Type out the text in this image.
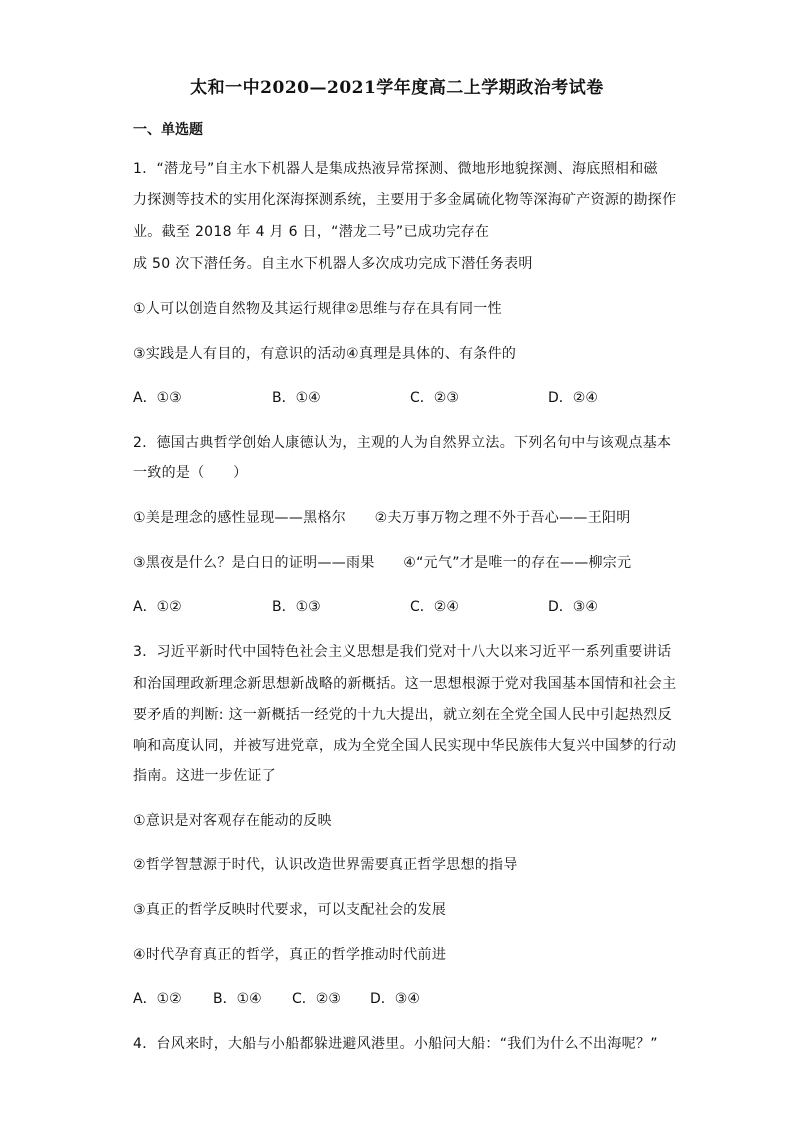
太和一中2020—2021学年度高二上学期政治考试卷
一、单选题
1．“潜龙号”自主水下机器人是集成热液异常探测、微地形地貌探测、海底照相和磁
力探测等技术的实用化深海探测系统，主要用于多金属硫化物等深海矿产资源的勘探作
业。截至 2018 年 4 月 6 日，“潜龙二号”已成功完存在
成 50 次下潜任务。自主水下机器人多次成功完成下潜任务表明
①人可以创造自然物及其运行规律②思维与存在具有同一性
③实践是人有目的，有意识的活动④真理是具体的、有条件的
A．①③	B．①④	C．②③	D．②④
2．德国古典哲学创始人康德认为，主观的人为自然界立法。下列名句中与该观点基本
一致的是（　　）
①美是理念的感性显现——黑格尔　　②夫万事万物之理不外于吾心——王阳明
③黑夜是什么？是白日的证明——雨果　　④“元气”才是唯一的存在——柳宗元
A．①②	B．①③	C．②④	D．③④
3．习近平新时代中国特色社会主义思想是我们党对十八大以来习近平一系列重要讲话
和治国理政新理念新思想新战略的新概括。这一思想根源于党对我国基本国情和社会主
要矛盾的判断: 这一新概括一经党的十九大提出，就立刻在全党全国人民中引起热烈反
响和高度认同，并被写进党章，成为全党全国人民实现中华民族伟大复兴中国梦的行动
指南。这进一步佐证了
①意识是对客观存在能动的反映
②哲学智慧源于时代，认识改造世界需要真正哲学思想的指导
③真正的哲学反映时代要求，可以支配社会的发展
④时代孕育真正的哲学，真正的哲学推动时代前进
A．①② B．①④ C．②③ D．③④
4．台风来时，大船与小船都躲进避风港里。小船问大船：“我们为什么不出海呢？”
